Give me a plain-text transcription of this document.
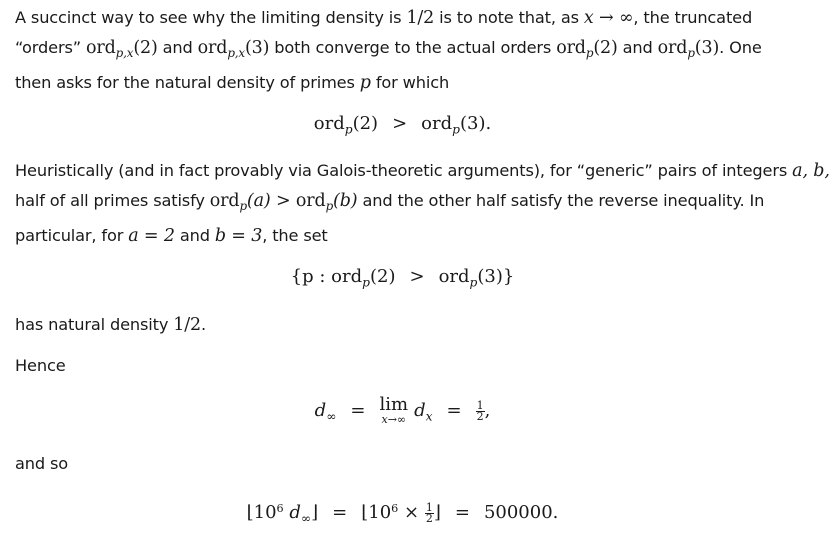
A succinct way to see why the limiting density is 1/2 is to note that, as x → ∞, the truncated
“orders” ord$_{p,x}$(2) and ord$_{p,x}$(3) both converge to the actual orders ord$_p$(2) and ord$_p$(3). One
then asks for the natural density of primes p for which
ord$_p$(2) > ord$_p$(3).
Heuristically (and in fact provably via Galois-theoretic arguments), for “generic” pairs of integers a, b,
half of all primes satisfy ord$_p$(a) > ord$_p$(b) and the other half satisfy the reverse inequality. In
particular, for a = 2 and b = 3, the set
{p : ord$_p$(2) > ord$_p$(3)}
has natural density 1/2.
Hence
$d_\infty = \lim$
x→∞ $d_x = \frac{1}{2}$ ,
and so
$⌊10^6$ $d_\infty⌋$ = $⌊10^6 \times \frac{1}{2}$ ⌋ = 500000.
